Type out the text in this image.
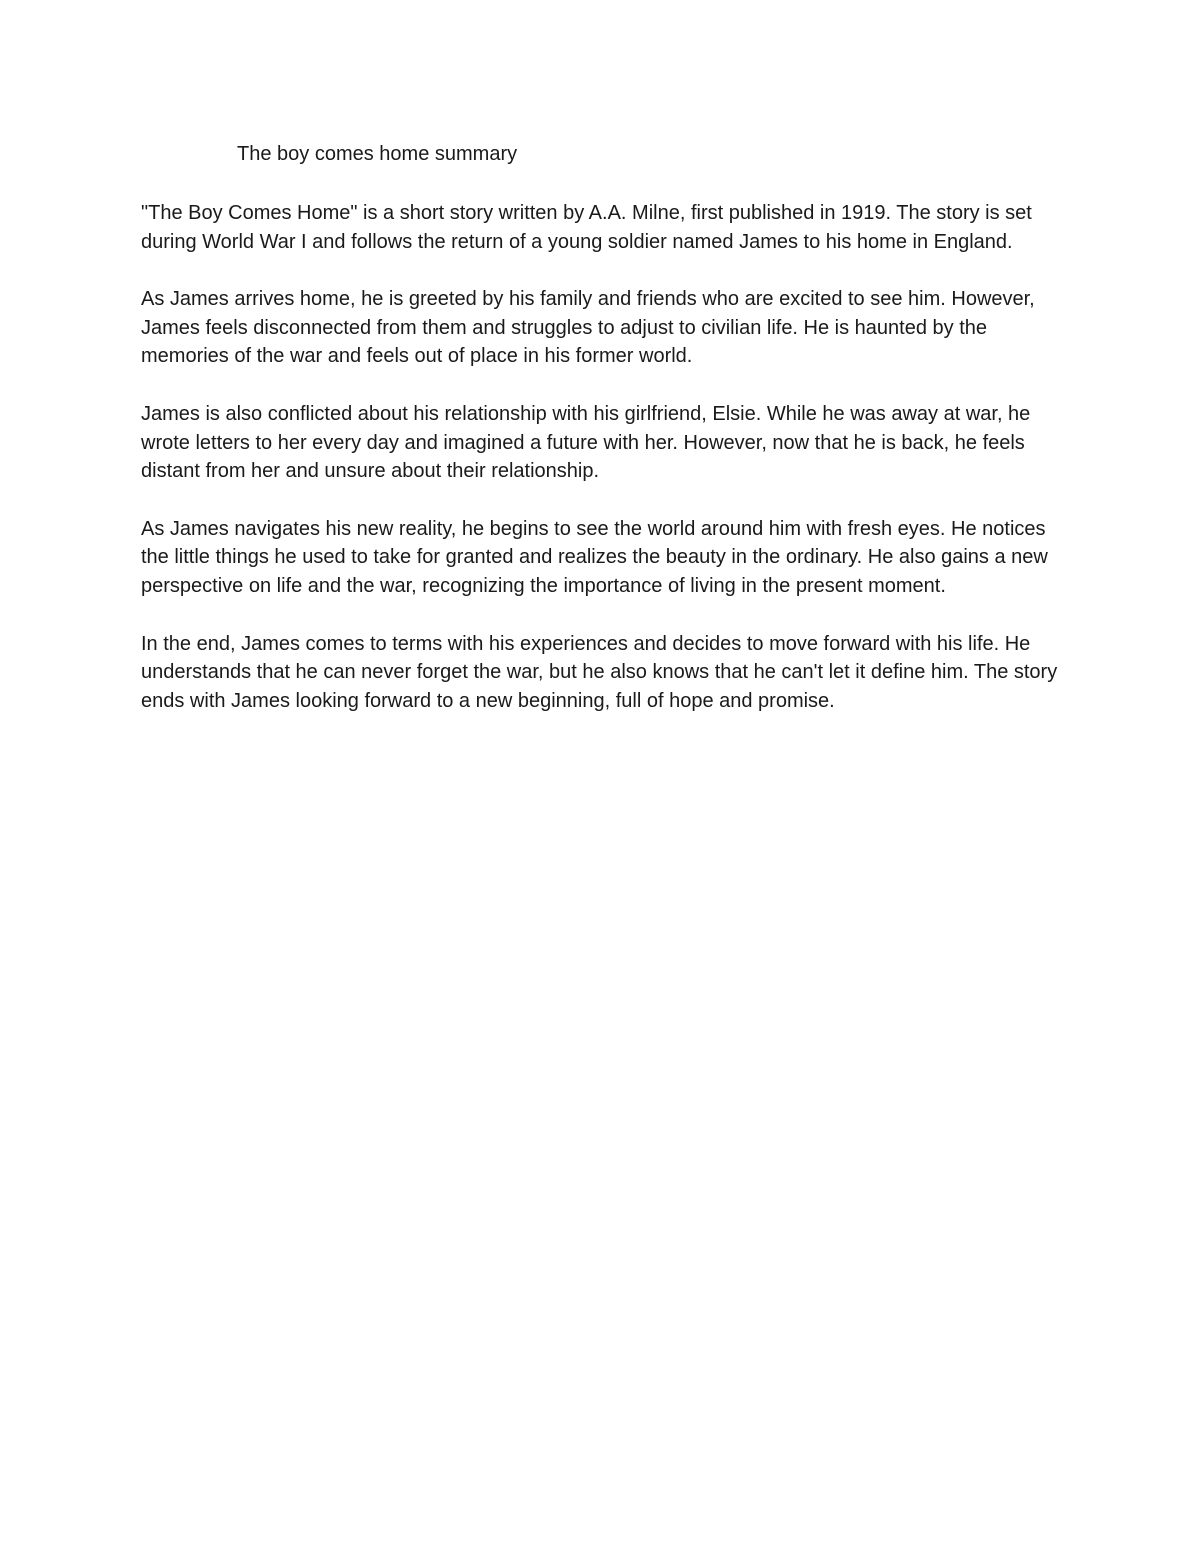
The boy comes home summary

"The Boy Comes Home" is a short story written by A.A. Milne, first published in 1919. The story is set during World War I and follows the return of a young soldier named James to his home in England.

As James arrives home, he is greeted by his family and friends who are excited to see him. However, James feels disconnected from them and struggles to adjust to civilian life. He is haunted by the memories of the war and feels out of place in his former world.

James is also conflicted about his relationship with his girlfriend, Elsie. While he was away at war, he wrote letters to her every day and imagined a future with her. However, now that he is back, he feels distant from her and unsure about their relationship.

As James navigates his new reality, he begins to see the world around him with fresh eyes. He notices the little things he used to take for granted and realizes the beauty in the ordinary. He also gains a new perspective on life and the war, recognizing the importance of living in the present moment.

In the end, James comes to terms with his experiences and decides to move forward with his life. He understands that he can never forget the war, but he also knows that he can't let it define him. The story ends with James looking forward to a new beginning, full of hope and promise.
